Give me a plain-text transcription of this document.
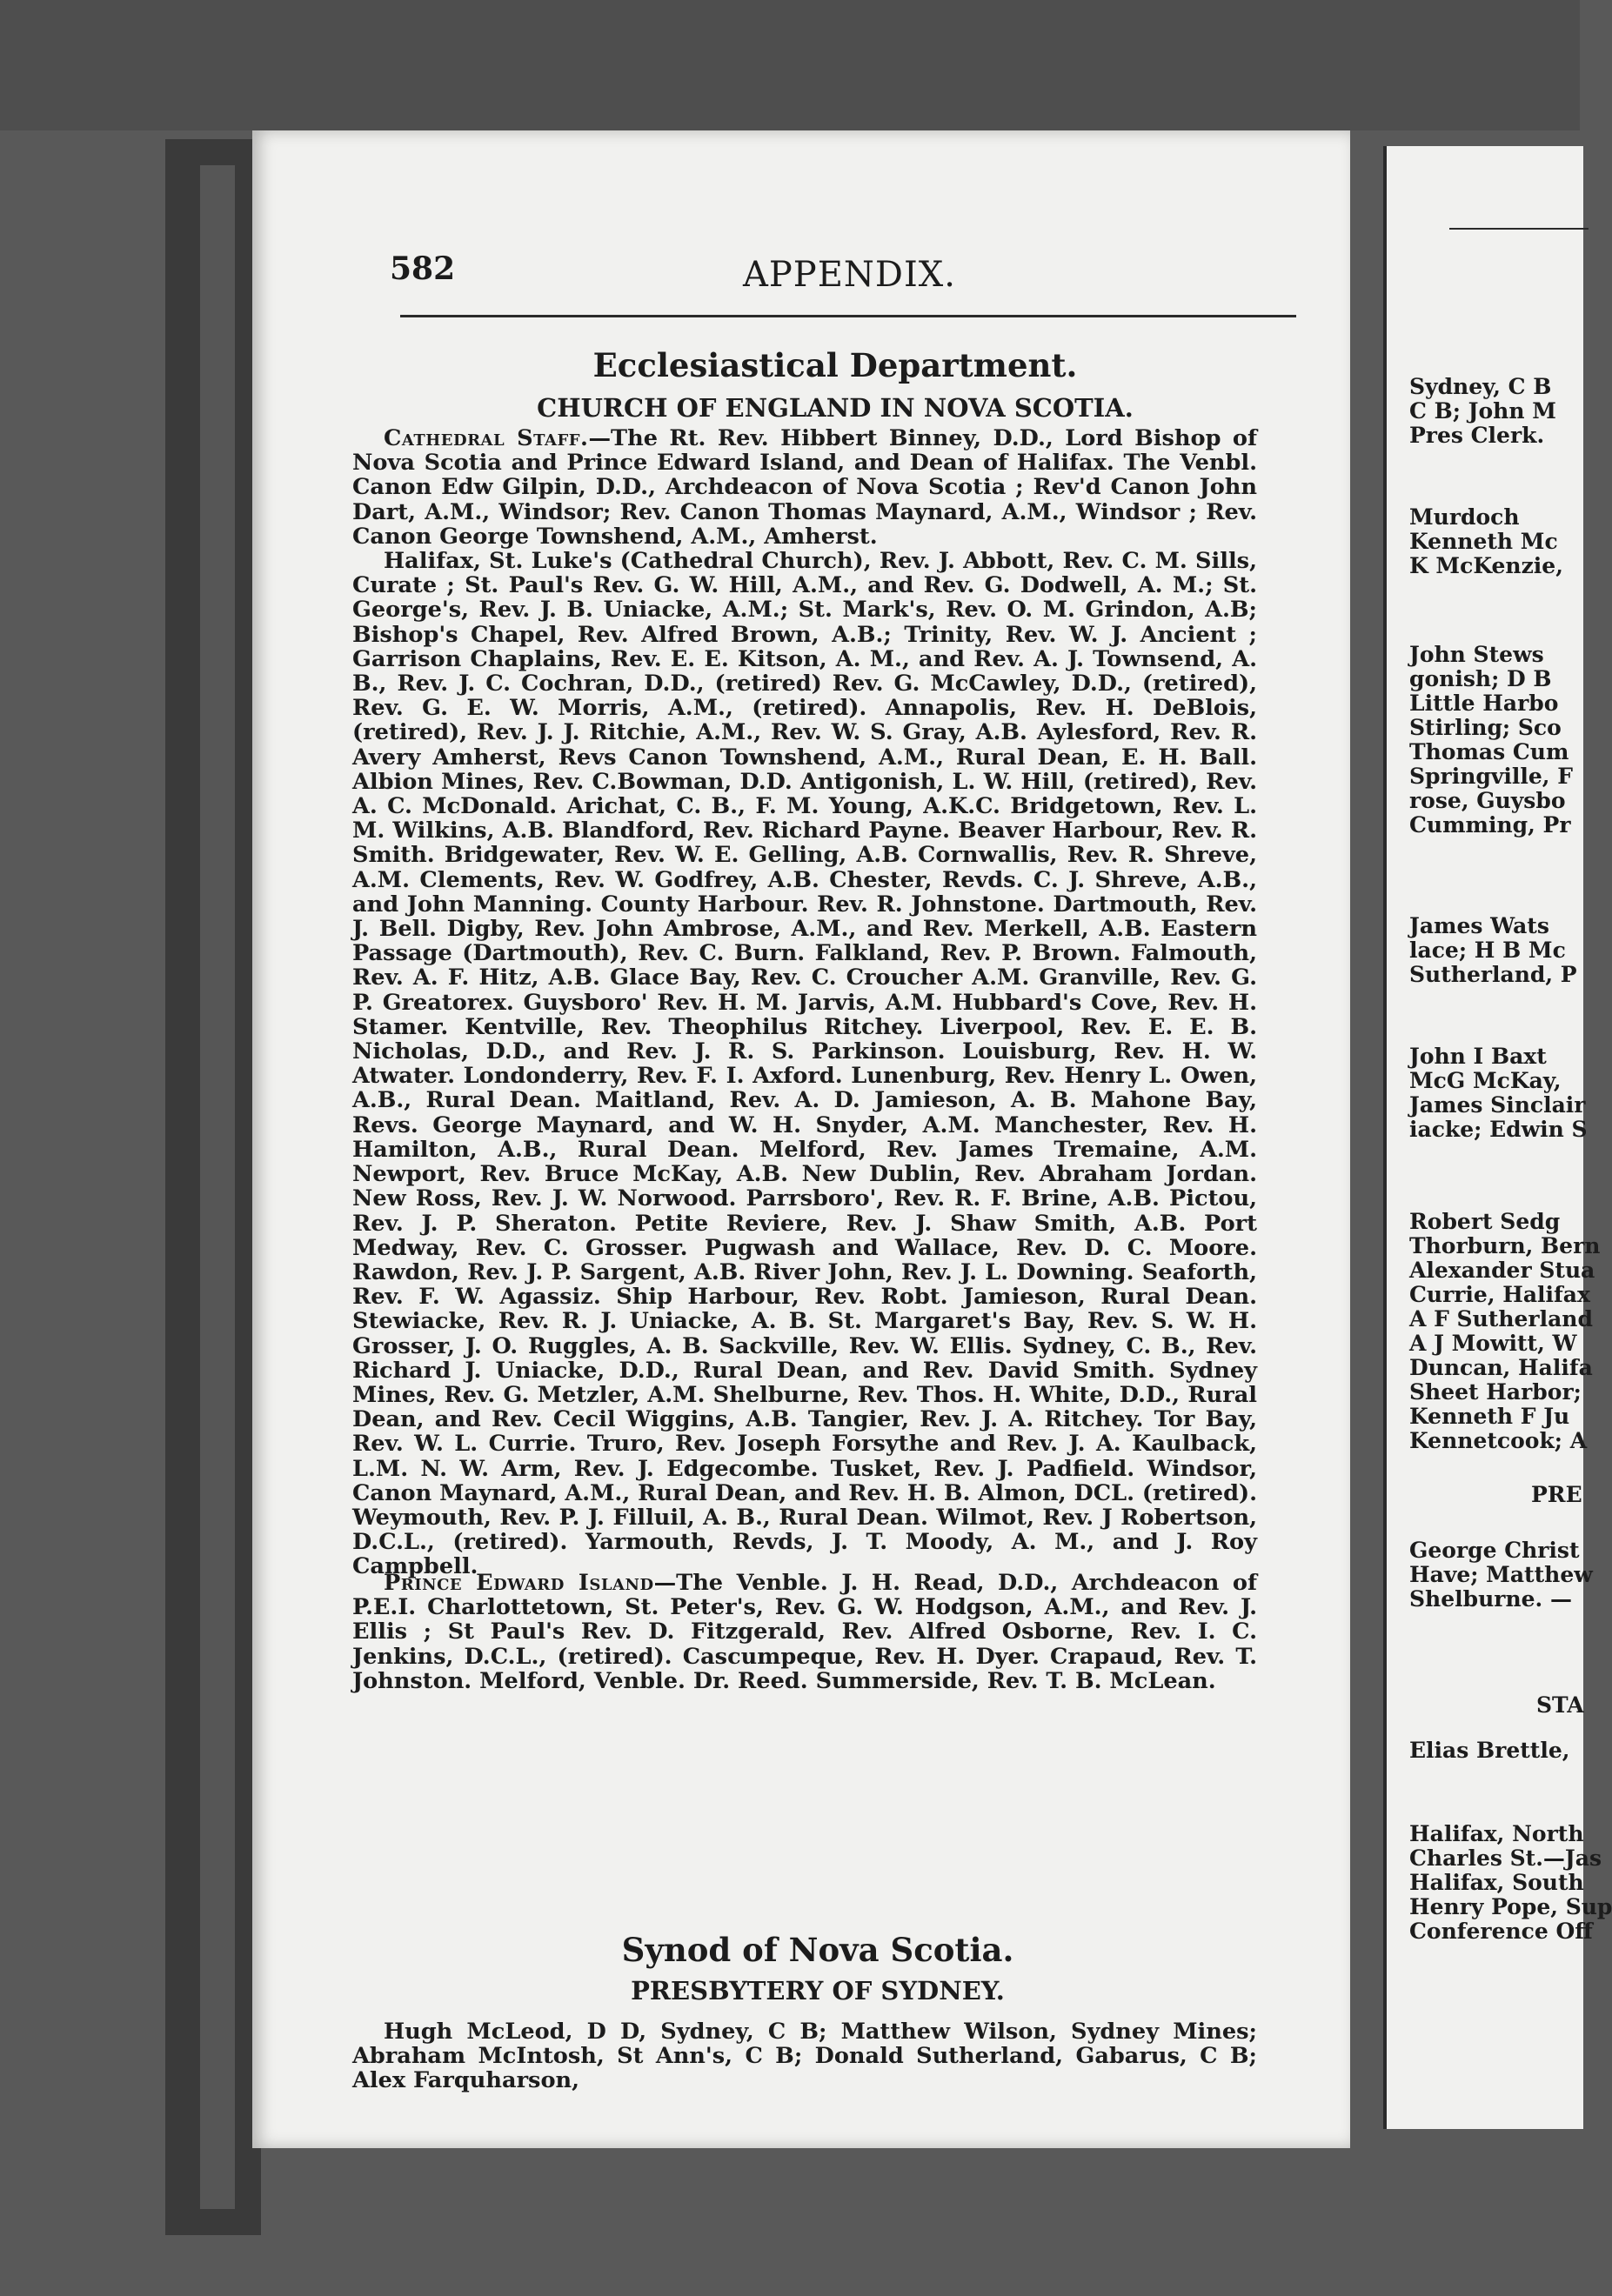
582	APPENDIX.
Ecclesiastical Department.
CHURCH OF ENGLAND IN NOVA SCOTIA.

Cathedral Staff.—The Rt. Rev. Hibbert Binney, D.D., Lord Bishop of Nova Scotia and Prince Edward Island, and Dean of Halifax. The Venbl. Canon Edw Gilpin, D.D., Archdeacon of Nova Scotia ; Rev'd Canon John Dart, A.M., Windsor; Rev. Canon Thomas Maynard, A.M., Windsor ; Rev. Canon George Townshend, A.M., Amherst.

Halifax, St. Luke's (Cathedral Church), Rev. J. Abbott, Rev. C. M. Sills, Curate ; St. Paul's Rev. G. W. Hill, A.M., and Rev. G. Dodwell, A. M.; St. George's, Rev. J. B. Uniacke, A.M.; St. Mark's, Rev. O. M. Grindon, A.B; Bishop's Chapel, Rev. Alfred Brown, A.B.; Trinity, Rev. W. J. Ancient ; Garrison Chaplains, Rev. E. E. Kitson, A. M., and Rev. A. J. Townsend, A. B., Rev. J. C. Cochran, D.D., (retired) Rev. G. McCawley, D.D., (retired), Rev. G. E. W. Morris, A.M., (retired). Annapolis, Rev. H. DeBlois, (retired), Rev. J. J. Ritchie, A.M., Rev. W. S. Gray, A.B. Aylesford, Rev. R. Avery Amherst, Revs Canon Townshend, A.M., Rural Dean, E. H. Ball. Albion Mines, Rev. C.Bowman, D.D. Antigonish, L. W. Hill, (retired), Rev. A. C. McDonald. Arichat, C. B., F. M. Young, A.K.C. Bridgetown, Rev. L. M. Wilkins, A.B. Blandford, Rev. Richard Payne. Beaver Harbour, Rev. R. Smith. Bridgewater, Rev. W. E. Gelling, A.B. Cornwallis, Rev. R. Shreve, A.M. Clements, Rev. W. Godfrey, A.B. Chester, Revds. C. J. Shreve, A.B., and John Manning. County Harbour. Rev. R. Johnstone. Dartmouth, Rev. J. Bell. Digby, Rev. John Ambrose, A.M., and Rev. Merkell, A.B. Eastern Passage (Dartmouth), Rev. C. Burn. Falkland, Rev. P. Brown. Falmouth, Rev. A. F. Hitz, A.B. Glace Bay, Rev. C. Croucher A.M. Granville, Rev. G. P. Greatorex. Guysboro' Rev. H. M. Jarvis, A.M. Hubbard's Cove, Rev. H. Stamer. Kentville, Rev. Theophilus Ritchey. Liverpool, Rev. E. E. B. Nicholas, D.D., and Rev. J. R. S. Parkinson. Louisburg, Rev. H. W. Atwater. Londonderry, Rev. F. I. Axford. Lunenburg, Rev. Henry L. Owen, A.B., Rural Dean. Maitland, Rev. A. D. Jamieson, A. B. Mahone Bay, Revs. George Maynard, and W. H. Snyder, A.M. Manchester, Rev. H. Hamilton, A.B., Rural Dean. Melford, Rev. James Tremaine, A.M. Newport, Rev. Bruce McKay, A.B. New Dublin, Rev. Abraham Jordan. New Ross, Rev. J. W. Norwood. Parrsboro', Rev. R. F. Brine, A.B. Pictou, Rev. J. P. Sheraton. Petite Reviere, Rev. J. Shaw Smith, A.B. Port Medway, Rev. C. Grosser. Pugwash and Wallace, Rev. D. C. Moore. Rawdon, Rev. J. P. Sargent, A.B. River John, Rev. J. L. Downing. Seaforth, Rev. F. W. Agassiz. Ship Harbour, Rev. Robt. Jamieson, Rural Dean. Stewiacke, Rev. R. J. Uniacke, A. B. St. Margaret's Bay, Rev. S. W. H. Grosser, J. O. Ruggles, A. B. Sackville, Rev. W. Ellis. Sydney, C. B., Rev. Richard J. Uniacke, D.D., Rural Dean, and Rev. David Smith. Sydney Mines, Rev. G. Metzler, A.M. Shelburne, Rev. Thos. H. White, D.D., Rural Dean, and Rev. Cecil Wiggins, A.B. Tangier, Rev. J. A. Ritchey. Tor Bay, Rev. W. L. Currie. Truro, Rev. Joseph Forsythe and Rev. J. A. Kaulback, L.M. N. W. Arm, Rev. J. Edgecombe. Tusket, Rev. J. Padfield. Windsor, Canon Maynard, A.M., Rural Dean, and Rev. H. B. Almon, DCL. (retired). Weymouth, Rev. P. J. Filluil, A. B., Rural Dean. Wilmot, Rev. J Robertson, D.C.L., (retired). Yarmouth, Revds, J. T. Moody, A. M., and J. Roy Campbell.

Prince Edward Island—The Venble. J. H. Read, D.D., Archdeacon of P.E.I. Charlottetown, St. Peter's, Rev. G. W. Hodgson, A.M., and Rev. J. Ellis ; St Paul's Rev. D. Fitzgerald, Rev. Alfred Osborne, Rev. I. C. Jenkins, D.C.L., (retired). Cascumpeque, Rev. H. Dyer. Crapaud, Rev. T. Johnston. Melford, Venble. Dr. Reed. Summerside, Rev. T. B. McLean.

Synod of Nova Scotia.
PRESBYTERY OF SYDNEY.

Hugh McLeod, D D, Sydney, C B; Matthew Wilson, Sydney Mines; Abraham McIntosh, St Ann's, C B; Donald Sutherland, Gabarus, C B; Alex Farquharson,

Sydney, C B
C B; John M
Pres Clerk.
Murdoch
Kenneth Mc
K McKenzie,
John Stews
gonish; D B
Little Harbo
Stirling; Sco
Thomas Cum
Springville, F
rose, Guysbo
Cumming, Pr
James Wats
lace; H B Mc
Sutherland, P
John I Baxt
McG McKay,
James Sinclair
iacke; Edwin S
Robert Sedg
Thorburn, Bern
Alexander Stua
Currie, Halifax
A F Sutherland
A J Mowitt, W
Duncan, Halifa
Sheet Harbor;
Kenneth F Ju
Kennetcook; A
PRE
George Christ
Have; Matthew
Shelburne. —
STA
Elias Brettle,
Halifax, North
Charles St.—Jas
Halifax, South
Henry Pope, Sup
Conference Off
